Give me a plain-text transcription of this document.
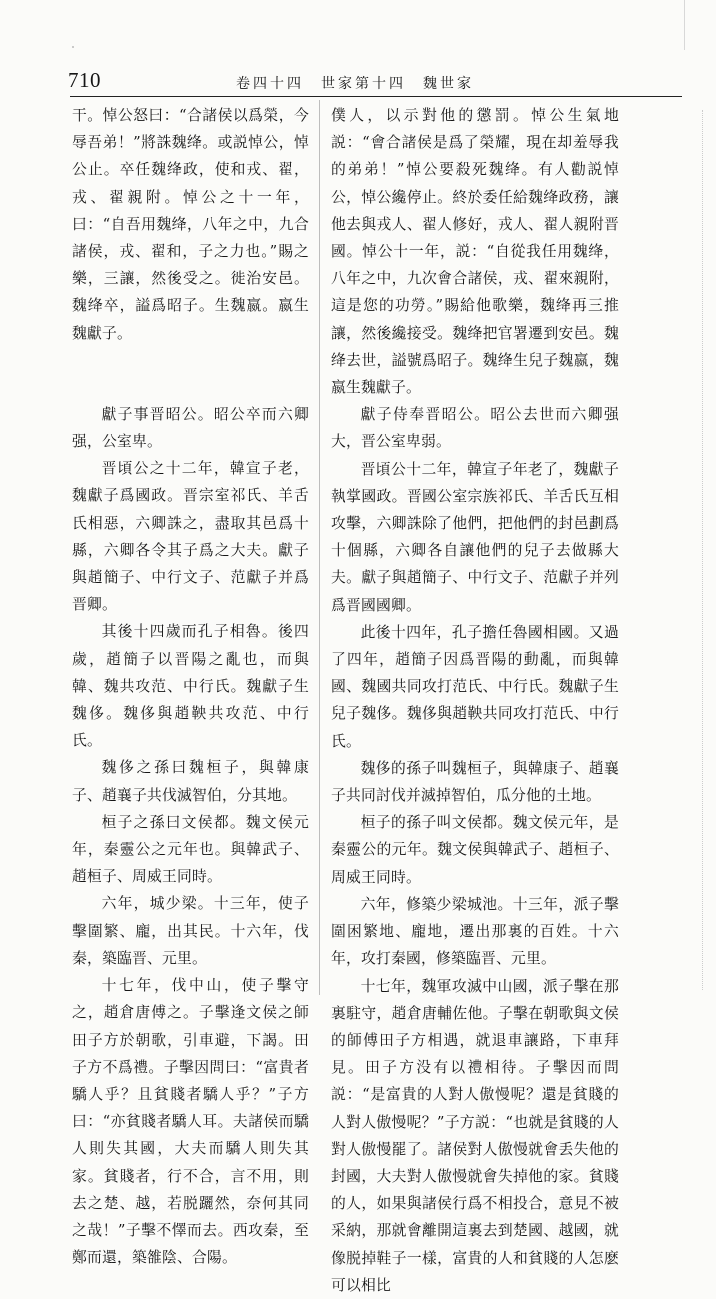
710	卷四十四　世家第十四　魏世家

干。悼公怒曰：“合諸侯以爲榮，今辱吾弟！”將誅魏绛。或説悼公，悼公止。卒任魏绛政，使和戎、翟，戎、翟親附。悼公之十一年，曰：“自吾用魏绛，八年之中，九合諸侯，戎、翟和，子之力也。”賜之樂，三讓，然後受之。徙治安邑。魏绛卒，謚爲昭子。生魏嬴。嬴生魏獻子。

獻子事晋昭公。昭公卒而六卿强，公室卑。

晋頃公之十二年，韓宣子老，魏獻子爲國政。晋宗室祁氏、羊舌氏相惡，六卿誅之，盡取其邑爲十縣，六卿各令其子爲之大夫。獻子與趙簡子、中行文子、范獻子并爲晋卿。

其後十四歲而孔子相魯。後四歲，趙簡子以晋陽之亂也，而與韓、魏共攻范、中行氏。魏獻子生魏侈。魏侈與趙鞅共攻范、中行氏。

魏侈之孫曰魏桓子，與韓康子、趙襄子共伐滅智伯，分其地。

桓子之孫曰文侯都。魏文侯元年，秦靈公之元年也。與韓武子、趙桓子、周威王同時。

六年，城少梁。十三年，使子擊圍繁、龐，出其民。十六年，伐秦，築臨晋、元里。

十七年，伐中山，使子擊守之，趙倉唐傅之。子擊逢文侯之師田子方於朝歌，引車避，下謁。田子方不爲禮。子擊因問曰：“富貴者驕人乎？且貧賤者驕人乎？”子方曰：“亦貧賤者驕人耳。夫諸侯而驕人則失其國，大夫而驕人則失其家。貧賤者，行不合，言不用，則去之楚、越，若脱躧然，奈何其同之哉！”子擊不懌而去。西攻秦，至鄭而還，築雒陰、合陽。

僕人，以示對他的懲罰。悼公生氣地説：“會合諸侯是爲了榮耀，現在却羞辱我的弟弟！”悼公要殺死魏绛。有人勸説悼公，悼公纔停止。終於委任給魏绛政務，讓他去與戎人、翟人修好，戎人、翟人親附晋國。悼公十一年，説：“自從我任用魏绛，八年之中，九次會合諸侯，戎、翟來親附，這是您的功勞。”賜給他歌樂，魏绛再三推讓，然後纔接受。魏绛把官署遷到安邑。魏绛去世，謚號爲昭子。魏绛生兒子魏嬴，魏嬴生魏獻子。

獻子侍奉晋昭公。昭公去世而六卿强大，晋公室卑弱。

晋頃公十二年，韓宣子年老了，魏獻子執掌國政。晋國公室宗族祁氏、羊舌氏互相攻擊，六卿誅除了他們，把他們的封邑劃爲十個縣，六卿各自讓他們的兒子去做縣大夫。獻子與趙簡子、中行文子、范獻子并列爲晋國國卿。

此後十四年，孔子擔任魯國相國。又過了四年，趙簡子因爲晋陽的動亂，而與韓國、魏國共同攻打范氏、中行氏。魏獻子生兒子魏侈。魏侈與趙鞅共同攻打范氏、中行氏。

魏侈的孫子叫魏桓子，與韓康子、趙襄子共同討伐并滅掉智伯，瓜分他的土地。

桓子的孫子叫文侯都。魏文侯元年，是秦靈公的元年。魏文侯與韓武子、趙桓子、周威王同時。

六年，修築少梁城池。十三年，派子擊圍困繁地、龐地，遷出那裏的百姓。十六年，攻打秦國，修築臨晋、元里。

十七年，魏軍攻滅中山國，派子擊在那裏駐守，趙倉唐輔佐他。子擊在朝歌與文侯的師傅田子方相遇，就退車讓路，下車拜見。田子方没有以禮相待。子擊因而問説：“是富貴的人對人傲慢呢？還是貧賤的人對人傲慢呢？”子方説：“也就是貧賤的人對人傲慢罷了。諸侯對人傲慢就會丢失他的封國，大夫對人傲慢就會失掉他的家。貧賤的人，如果與諸侯行爲不相投合，意見不被采納，那就會離開這裏去到楚國、越國，就像脱掉鞋子一樣，富貴的人和貧賤的人怎麽可以相比
